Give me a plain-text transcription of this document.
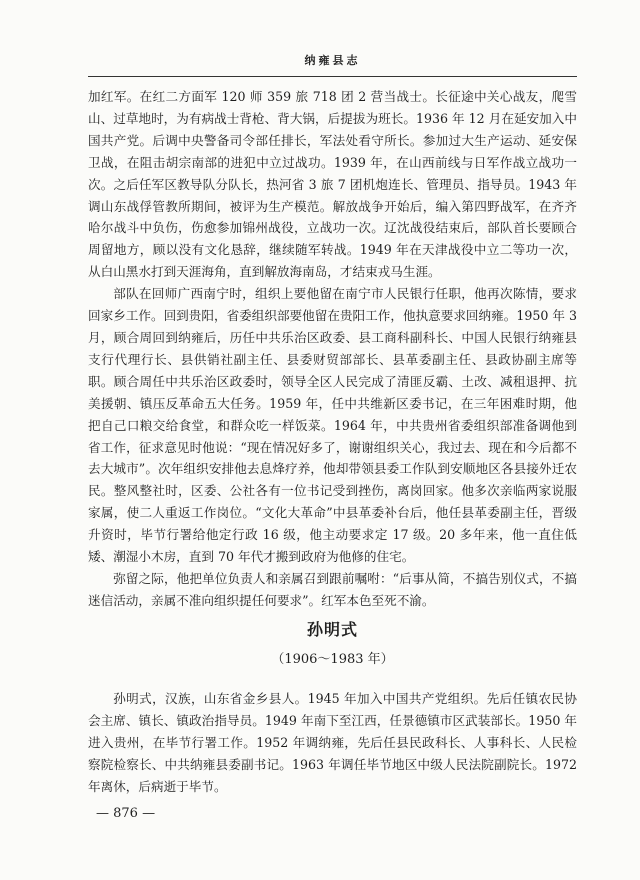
纳雍县志

加红军。在红二方面军 120 师 359 旅 718 团 2 营当战士。长征途中关心战友，爬雪山、过草地时，为有病战士背枪、背大锅，后提拔为班长。1936 年 12 月在延安加入中国共产党。后调中央警备司令部任排长，军法处看守所长。参加过大生产运动、延安保卫战，在阻击胡宗南部的进犯中立过战功。1939 年，在山西前线与日军作战立战功一次。之后任军区教导队分队长，热河省 3 旅 7 团机炮连长、管理员、指导员。1943 年调山东战俘管教所期间，被评为生产模范。解放战争开始后，编入第四野战军，在齐齐哈尔战斗中负伤，伤愈参加锦州战役，立战功一次。辽沈战役结束后，部队首长要顾合周留地方，顾以没有文化恳辞，继续随军转战。1949 年在天津战役中立二等功一次，从白山黑水打到天涯海角，直到解放海南岛，才结束戎马生涯。

部队在回师广西南宁时，组织上要他留在南宁市人民银行任职，他再次陈情，要求回家乡工作。回到贵阳，省委组织部要他留在贵阳工作，他执意要求回纳雍。1950 年 3 月，顾合周回到纳雍后，历任中共乐治区政委、县工商科副科长、中国人民银行纳雍县支行代理行长、县供销社副主任、县委财贸部部长、县革委副主任、县政协副主席等职。顾合周任中共乐治区政委时，领导全区人民完成了清匪反霸、土改、减租退押、抗美援朝、镇压反革命五大任务。1959 年，任中共维新区委书记，在三年困难时期，他把自己口粮交给食堂，和群众吃一样饭菜。1964 年，中共贵州省委组织部准备调他到省工作，征求意见时他说：“现在情况好多了，谢谢组织关心，我过去、现在和今后都不去大城市”。次年组织安排他去息烽疗养，他却带领县委工作队到安顺地区各县接外迁农民。整风整社时，区委、公社各有一位书记受到挫伤，离岗回家。他多次亲临两家说服家属，使二人重返工作岗位。“文化大革命”中县革委补台后，他任县革委副主任，晋级升资时，毕节行署给他定行政 16 级，他主动要求定 17 级。20 多年来，他一直住低矮、潮湿小木房，直到 70 年代才搬到政府为他修的住宅。

弥留之际，他把单位负责人和亲属召到跟前嘱咐：“后事从简，不搞告别仪式，不搞迷信活动，亲属不准向组织提任何要求”。红军本色至死不渝。

孙明式
（1906～1983 年）

孙明式，汉族，山东省金乡县人。1945 年加入中国共产党组织。先后任镇农民协会主席、镇长、镇政治指导员。1949 年南下至江西，任景德镇市区武装部长。1950 年进入贵州，在毕节行署工作。1952 年调纳雍，先后任县民政科长、人事科长、人民检察院检察长、中共纳雍县委副书记。1963 年调任毕节地区中级人民法院副院长。1972 年离休，后病逝于毕节。

— 876 —
